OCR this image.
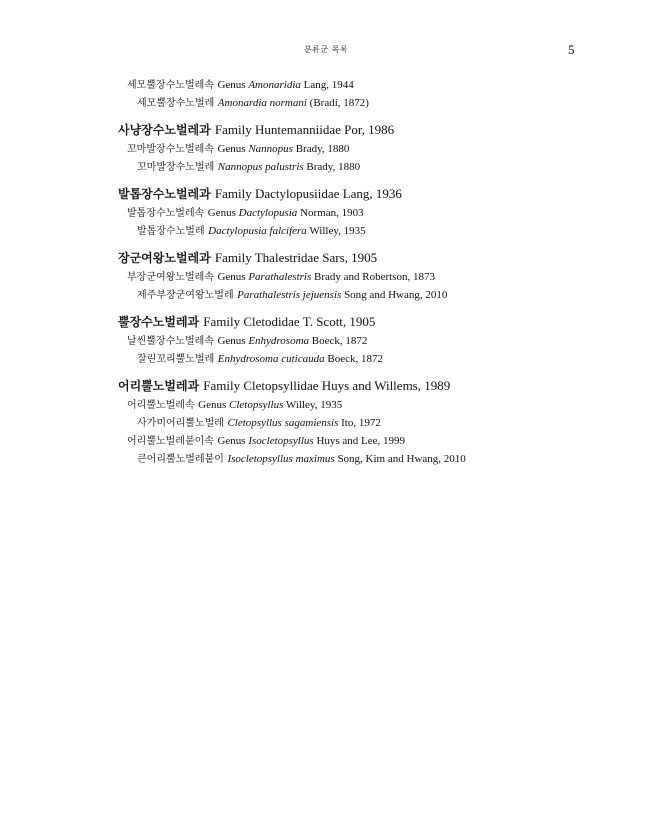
분류군 목록	5
세모뿔장수노벌레속 Genus Amonaridia Lang, 1944
세모뿔장수노벌레 Amonardia normani (Bradi, 1872)
사냥장수노벌레과 Family Huntemanniidae Por, 1986
꼬마발장수노벌레속 Genus Nannopus Brady, 1880
꼬마발장수노벌레 Nannopus palustris Brady, 1880
발톱장수노벌레과 Family Dactylopusiidae Lang, 1936
발톱장수노벌레속 Genus Dactylopusia Norman, 1903
발톱장수노벌레 Dactylopusia falcifera Willey, 1935
장군여왕노벌레과 Family Thalestridae Sars, 1905
부장군여왕노벌레속 Genus Parathalestris Brady and Robertson, 1873
제주부장군여왕노벌레 Parathalestris jejuensis Song and Hwang, 2010
뿔장수노벌레과 Family Cletodidae T. Scott, 1905
날씬뿔장수노벌레속 Genus Enhydrosoma Boeck, 1872
잘린꼬리뿔노벌레 Enhydrosoma cuticauda Boeck, 1872
어리뿔노벌레과 Family Cletopsyllidae Huys and Willems, 1989
어리뿔노벌레속 Genus Cletopsyllus Willey, 1935
사가미어리뿔노벌레 Cletopsyllus sagamiensis Ito, 1972
어리뿔노벌레붙이속 Genus Isocletopsyllus Huys and Lee, 1999
큰어리뿔노벌레붙이 Isocletopsyllus maximus Song, Kim and Hwang, 2010
